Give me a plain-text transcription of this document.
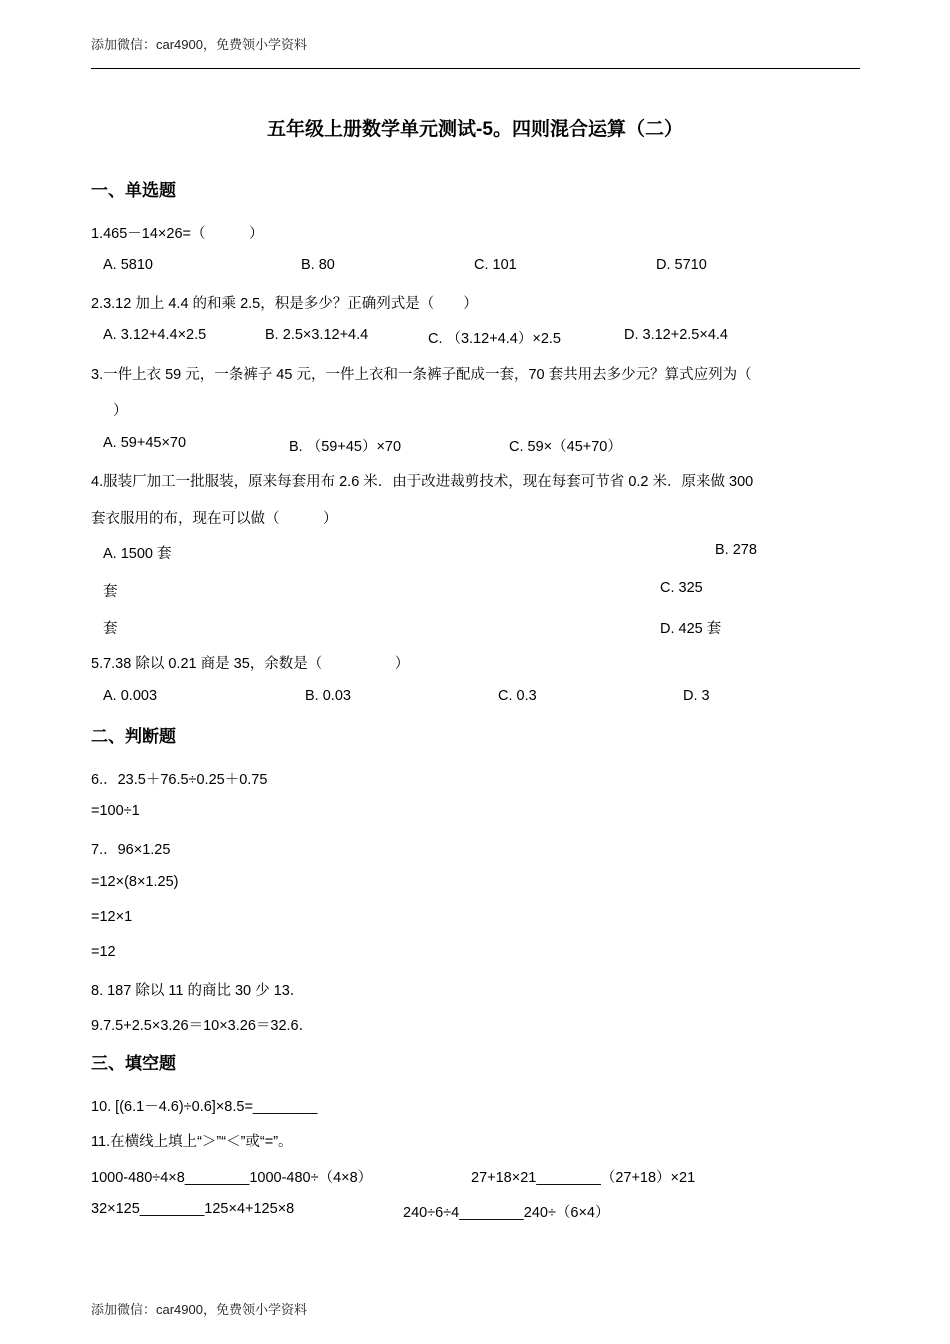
添加微信：car4900，免费领小学资料
五年级上册数学单元测试-5。四则混合运算（二）
一、单选题
1.465－14×26=（　　　）
A. 5810	B. 80	C. 101	D. 5710
2.3.12 加上 4.4 的和乘 2.5，积是多少？正确列式是（　　）
A. 3.12+4.4×2.5	B. 2.5×3.12+4.4	C. （3.12+4.4）×2.5	D. 3.12+2.5×4.4
3.一件上衣 59 元，一条裤子 45 元，一件上衣和一条裤子配成一套，70 套共用去多少元？算式应列为（
）
A. 59+45×70	B. （59+45）×70	C. 59×（45+70）
4.服装厂加工一批服装，原来每套用布 2.6 米．由于改进裁剪技术，现在每套可节省 0.2 米．原来做 300
套衣服用的布，现在可以做（　　　）
A. 1500 套	B. 278
套	C. 325
套	D. 425 套
5.7.38 除以 0.21 商是 35，余数是（　　　　　）
A. 0.003	B. 0.03	C. 0.3	D. 3
二、判断题
6.．23.5＋76.5÷0.25＋0.75
=100÷1
7.．96×1.25
=12×(8×1.25)
=12×1
=12
8. 187 除以 11 的商比 30 少 13．
9.7.5+2.5×3.26＝10×3.26＝32.6．
三、填空题
10. [(6.1－4.6)÷0.6]×8.5=________
11.在横线上填上“＞”“＜”或“=”。
1000-480÷4×8________1000-480÷（4×8）	27+18×21________（27+18）×21
32×125________125×4+125×8	240÷6÷4________240÷（6×4）
添加微信：car4900，免费领小学资料
